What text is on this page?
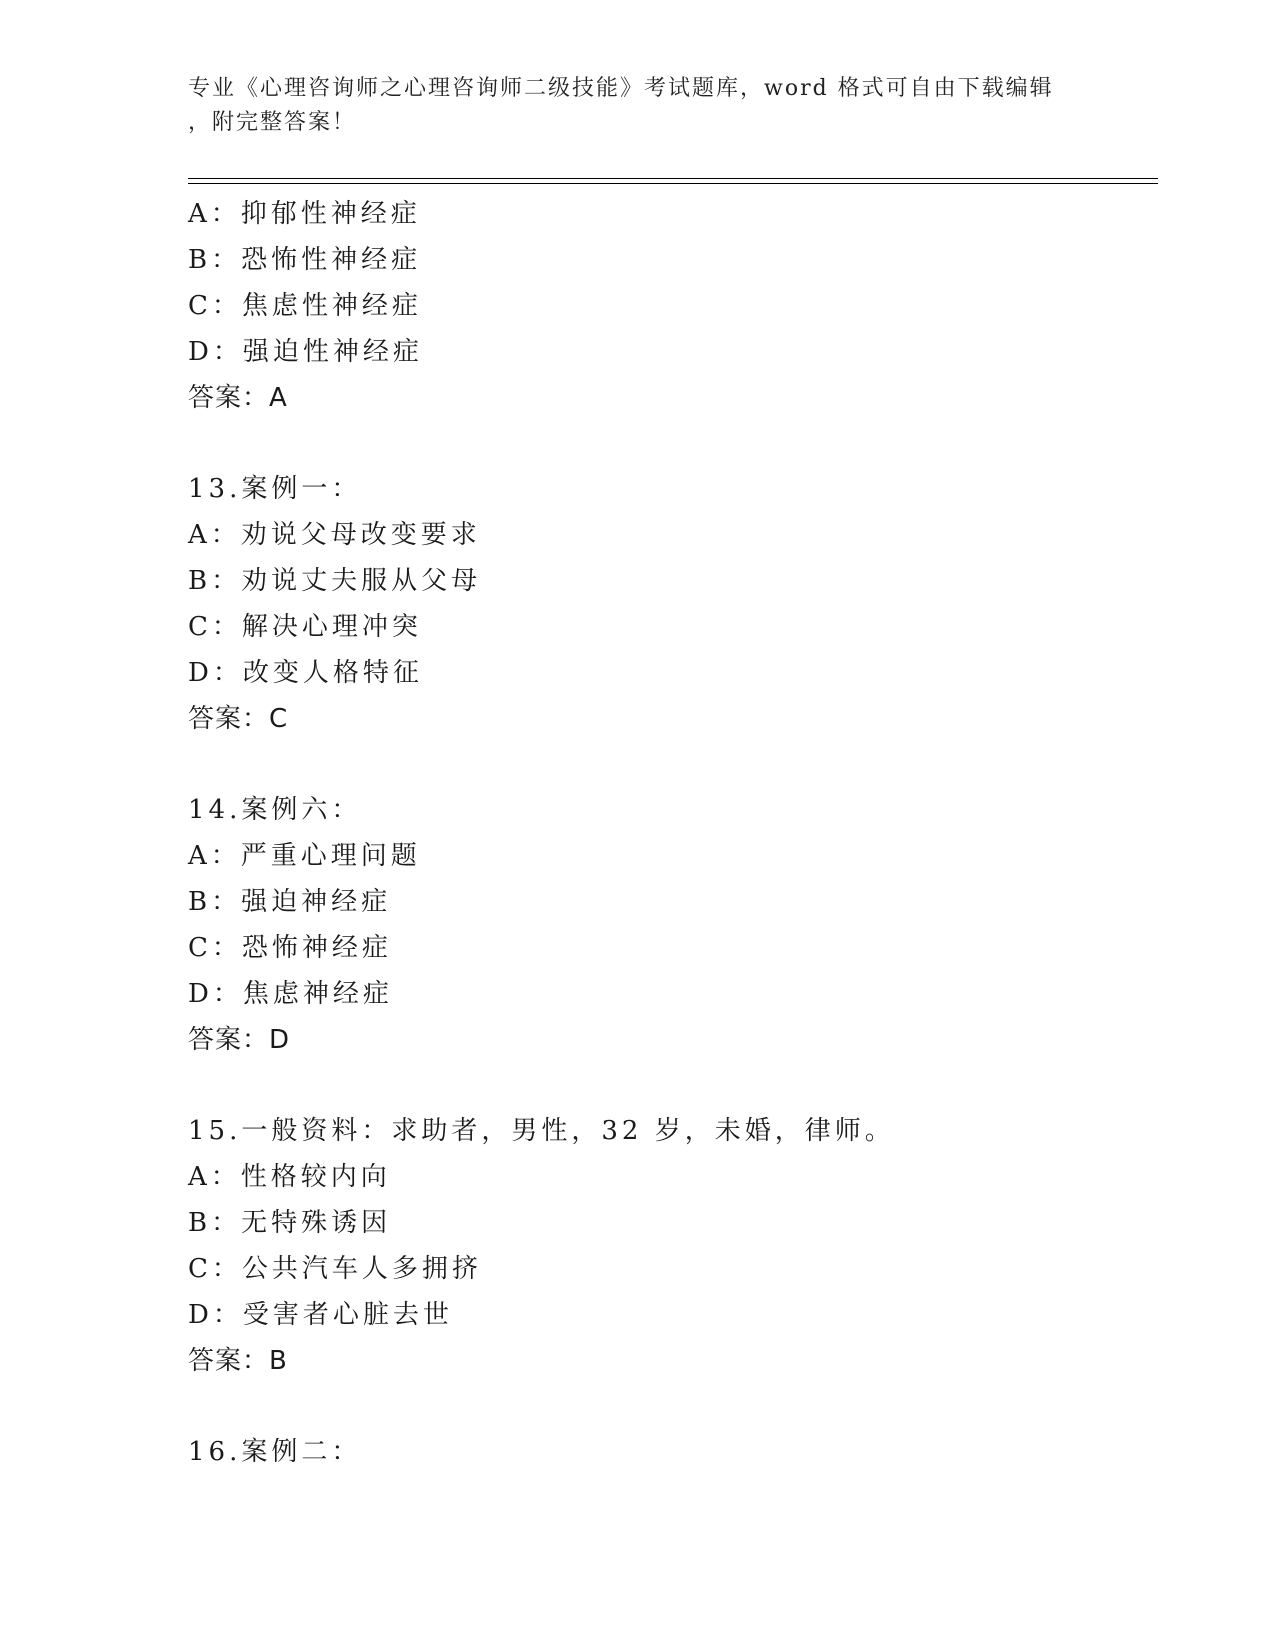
专业《心理咨询师之心理咨询师二级技能》考试题库，word 格式可自由下载编辑
，附完整答案！
A：抑郁性神经症
B：恐怖性神经症
C：焦虑性神经症
D：强迫性神经症
答案：A
13.案例一：
A：劝说父母改变要求
B：劝说丈夫服从父母
C：解决心理冲突
D：改变人格特征
答案：C
14.案例六：
A：严重心理问题
B：强迫神经症
C：恐怖神经症
D：焦虑神经症
答案：D
15.一般资料：求助者，男性，32 岁，未婚，律师。
A：性格较内向
B：无特殊诱因
C：公共汽车人多拥挤
D：受害者心脏去世
答案：B
16.案例二：
